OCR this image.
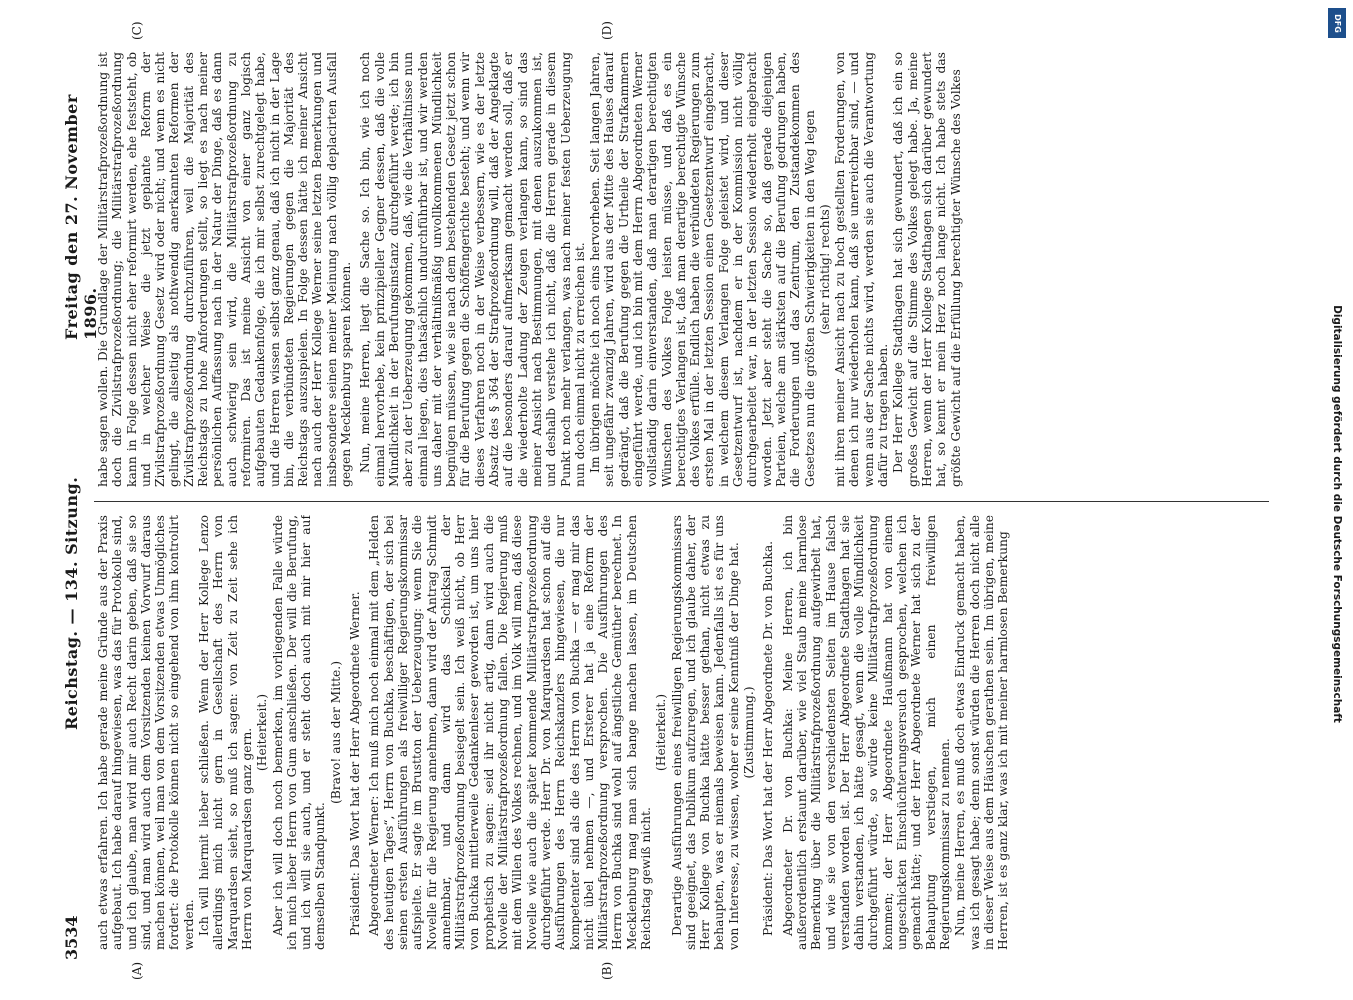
3534
Reichstag. — 134. Sitzung.
Freitag den 27. November 1896.
(A)	(B)
(C)	(D)

auch etwas erfahren. Ich habe gerade meine Gründe aus der Praxis aufgebaut. Ich habe darauf hingewiesen, was das für Protokolle sind, und ich glaube, man wird mir auch Recht darin geben, daß sie so sind, und man wird auch dem Vorsitzenden keinen Vorwurf daraus machen können, weil man von dem Vorsitzenden etwas Unmögliches fordert: die Protokolle können nicht so eingehend von ihm kontrolirt werden. Ich will hiermit lieber schließen. Wenn der Herr Kollege Lenzo allerdings mich nicht gern in Gesellschaft des Herrn von Marquardsen sieht, so muß ich sagen: von Zeit zu Zeit sehe ich Herrn von Marquardsen ganz gern. (Heiterkeit.) Aber ich will doch noch bemerken, im vorliegenden Falle würde ich mich lieber Herrn von Gum anschließen. Der will die Berufung, und ich will sie auch, und er steht doch auch mit mir hier auf demselben Standpunkt.

(Bravo! aus der Mitte.) Präsident: Das Wort hat der Herr Abgeordnete Werner. Abgeordneter Werner: Ich muß mich noch einmal mit dem „Helden des heutigen Tages“, Herrn von Buchka, beschäftigen, der sich bei seinen ersten Ausführungen als freiwilliger Regierungskommissar aufspielte. Er sagte im Brustton der Ueberzeugung: wenn Sie die Novelle für die Regierung annehmen, dann wird der Antrag Schmidt annehmbar, und dann wird das Schicksal der Militärstrafprozeßordnung besiegelt sein. Ich weiß nicht, ob Herr von Buchka mittlerweile Gedankenleser geworden ist, um uns hier prophetisch zu sagen: seid ihr nicht artig, dann wird auch die Novelle der Militärstrafprozeßordnung fallen. Die Regierung muß mit dem Willen des Volkes rechnen, und im Volk will man, daß diese Novelle wie auch die später kommende Militärstrafprozeßordnung durchgeführt werde. Herr Dr. von Marquardsen hat schon auf die Ausführungen des Herrn Reichskanzlers hingewiesen, die nur kompetenter sind als die des Herrn von Buchka — er mag mir das nicht übel nehmen —, und Ersterer hat ja eine Reform der Militärstrafprozeßordnung versprochen. Die Ausführungen des Herrn von Buchka sind wohl auf ängstliche Gemüther berechnet. In Mecklenburg mag man sich bange machen lassen, im Deutschen Reichstag gewiß nicht.

(Heiterkeit.) Derartige Ausführungen eines freiwilligen Regierungskommissars sind geeignet, das Publikum aufzuregen, und ich glaube daher, der Herr Kollege von Buchka hätte besser gethan, nicht etwas zu behaupten, was er niemals beweisen kann. Jedenfalls ist es für uns von Interesse, zu wissen, woher er seine Kenntniß der Dinge hat. (Zustimmung.) Präsident: Das Wort hat der Herr Abgeordnete Dr. von Buchka. Abgeordneter Dr. von Buchka: Meine Herren, ich bin außerordentlich erstaunt darüber, wie viel Staub meine harmlose Bemerkung über die Militärstrafprozeßordnung aufgewirbelt hat, und wie sie von den verschiedensten Seiten im Hause falsch verstanden worden ist. Der Herr Abgeordnete Stadthagen hat sie dahin verstanden, ich hätte gesagt, wenn die volle Mündlichkeit durchgeführt würde, so würde keine Militärstrafprozeßordnung kommen; der Herr Abgeordnete Haußmann hat von einem ungeschickten Einschüchterungsversuch gesprochen, welchen ich gemacht hätte; und der Herr Abgeordnete Werner hat sich zu der Behauptung verstiegen, mich einen freiwilligen Regierungskommissar zu nennen. Nun, meine Herren, es muß doch etwas Eindruck gemacht haben, was ich gesagt habe; denn sonst würden die Herren doch nicht alle in dieser Weise aus dem Häuschen gerathen sein. Im übrigen, meine Herren, ist es ganz klar, was ich mit meiner harmlosen Bemerkung

habe sagen wollen. Die Grundlage der Militärstrafprozeßordnung ist doch die Zivilstrafprozeßordnung; die Militärstrafprozeßordnung kann in Folge dessen nicht eher reformirt werden, ehe feststeht, ob und in welcher Weise die jetzt geplante Reform der Zivilstrafprozeßordnung Gesetz wird oder nicht; und wenn es nicht gelingt, die allseitig als nothwendig anerkannten Reformen der Zivilstrafprozeßordnung durchzuführen, weil die Majorität des Reichstags zu hohe Anforderungen stellt, so liegt es nach meiner persönlichen Auffassung nach in der Natur der Dinge, daß es dann auch schwierig sein wird, die Militärstrafprozeßordnung zu reformiren. Das ist meine Ansicht von einer ganz logisch aufgebauten Gedankenfolge, die ich mir selbst zurechtgelegt habe, und die Herren wissen selbst ganz genau, daß ich nicht in der Lage bin, die verbündeten Regierungen gegen die Majorität des Reichstags auszuspielen. In Folge dessen hätte ich meiner Ansicht nach auch der Herr Kollege Werner seine letzten Bemerkungen und insbesondere seinen meiner Meinung nach völlig deplacirten Ausfall gegen Mecklenburg sparen können. Nun, meine Herren, liegt die Sache so. Ich bin, wie ich noch einmal hervorhebe, kein prinzipieller Gegner dessen, daß die volle Mündlichkeit in der Berufungsinstanz durchgeführt werde; ich bin aber zu der Ueberzeugung gekommen, daß, wie die Verhältnisse nun einmal liegen, dies thatsächlich undurchführbar ist, und wir werden uns daher mit der verhältnißmäßig unvollkommenen Mündlichkeit begnügen müssen, wie sie nach dem bestehenden Gesetz jetzt schon für die Berufung gegen die Schöffengerichte besteht; und wenn wir dieses Verfahren noch in der Weise verbessern, wie es der letzte Absatz des § 364 der Strafprozeßordnung will, daß der Angeklagte auf die besonders darauf aufmerksam gemacht werden soll, daß er die wiederholte Ladung der Zeugen verlangen kann, so sind das meiner Ansicht nach Bestimmungen, mit denen auszukommen ist, und deshalb verstehe ich nicht, daß die Herren gerade in diesem Punkt noch mehr verlangen, was nach meiner festen Ueberzeugung nun doch einmal nicht zu erreichen ist. Im übrigen möchte ich noch eins hervorheben. Seit langen Jahren, seit ungefähr zwanzig Jahren, wird aus der Mitte des Hauses darauf gedrängt, daß die Berufung gegen die Urtheile der Strafkammern eingeführt werde, und ich bin mit dem Herrn Abgeordneten Werner vollständig darin einverstanden, daß man derartigen berechtigten Wünschen des Volkes Folge leisten müsse, und daß es ein berechtigtes Verlangen ist, daß man derartige berechtigte Wünsche des Volkes erfülle. Endlich haben die verbündeten Regierungen zum ersten Mal in der letzten Session einen Gesetzentwurf eingebracht, in welchem diesem Verlangen Folge geleistet wird, und dieser Gesetzentwurf ist, nachdem er in der Kommission nicht völlig durchgearbeitet war, in der letzten Session wiederholt eingebracht worden. Jetzt aber steht die Sache so, daß gerade diejenigen Parteien, welche am stärksten auf die Berufung gedrungen haben, die Forderungen und das Zentrum, den Zustandekommen des Gesetzes nun die größten Schwierigkeiten in den Weg legen (sehr richtig! rechts) mit ihren meiner Ansicht nach zu hoch gestellten Forderungen, von denen ich nur wiederholen kann, daß sie unerreichbar sind, — und wenn aus der Sache nichts wird, werden sie auch die Verantwortung dafür zu tragen haben. Der Herr Kollege Stadthagen hat sich gewundert, daß ich ein so großes Gewicht auf die Stimme des Volkes gelegt habe. Ja, meine Herren, wenn der Herr Kollege Stadthagen sich darüber gewundert hat, so kennt er mein Herz noch lange nicht. Ich habe stets das größte Gewicht auf die Erfüllung berechtigter Wünsche des Volkes

DFG
Digitalisierung gefördert durch die Deutsche Forschungsgemeinschaft
